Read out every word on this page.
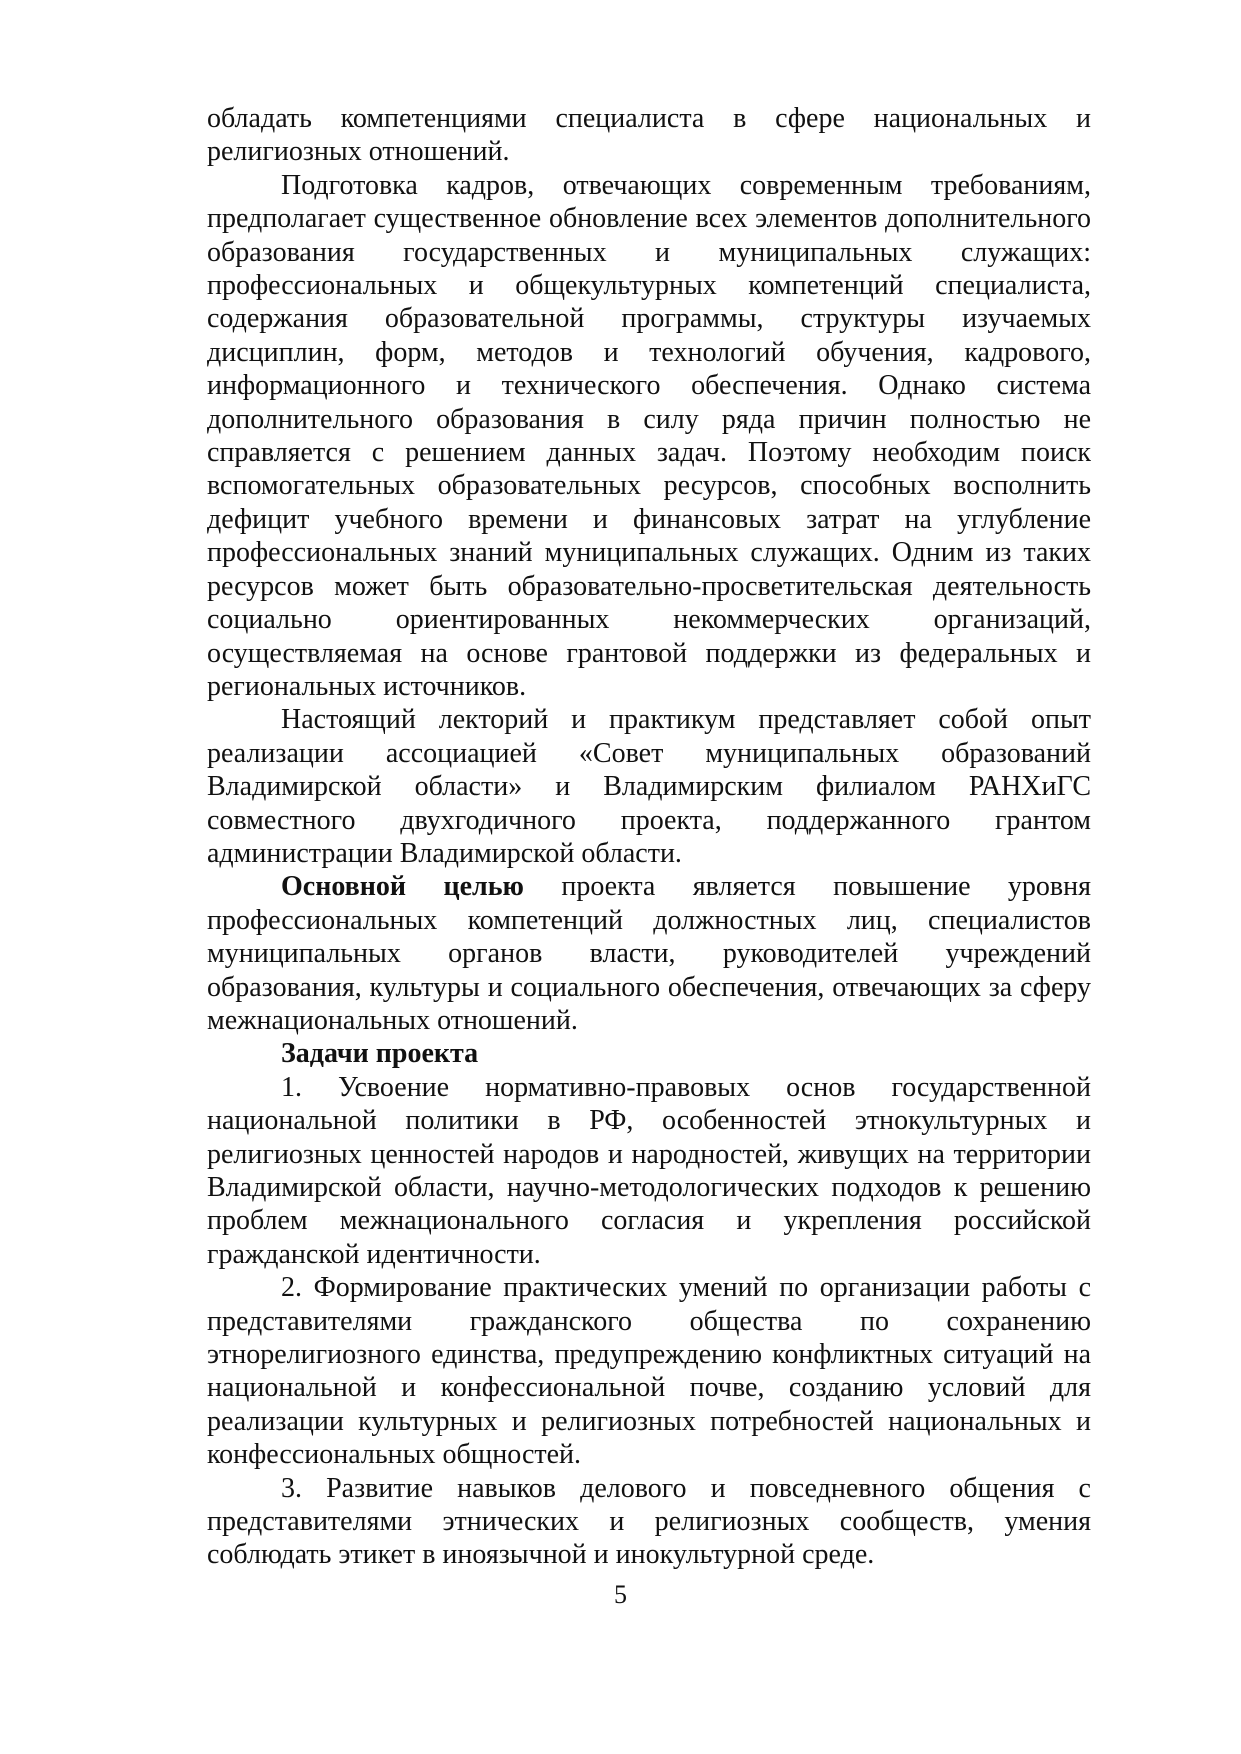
обладать компетенциями специалиста в сфере национальных и религиозных отношений.

Подготовка кадров, отвечающих современным требованиям, предполагает существенное обновление всех элементов дополнительного образования государственных и муниципальных служащих: профессиональных и общекультурных компетенций специалиста, содержания образовательной программы, структуры изучаемых дисциплин, форм, методов и технологий обучения, кадрового, информационного и технического обеспечения. Однако система дополнительного образования в силу ряда причин полностью не справляется с решением данных задач. Поэтому необходим поиск вспомогательных образовательных ресурсов, способных восполнить дефицит учебного времени и финансовых затрат на углубление профессиональных знаний муниципальных служащих. Одним из таких ресурсов может быть образовательно-просветительская деятельность социально ориентированных некоммерческих организаций, осуществляемая на основе грантовой поддержки из федеральных и региональных источников.

Настоящий лекторий и практикум представляет собой опыт реализации ассоциацией «Совет муниципальных образований Владимирской области» и Владимирским филиалом РАНХиГС совместного двухгодичного проекта, поддержанного грантом администрации Владимирской области.

Основной целью проекта является повышение уровня профессиональных компетенций должностных лиц, специалистов муниципальных органов власти, руководителей учреждений образования, культуры и социального обеспечения, отвечающих за сферу межнациональных отношений.

Задачи проекта

1. Усвоение нормативно-правовых основ государственной национальной политики в РФ, особенностей этнокультурных и религиозных ценностей народов и народностей, живущих на территории Владимирской области, научно-методологических подходов к решению проблем межнационального согласия и укрепления российской гражданской идентичности.

2. Формирование практических умений по организации работы с представителями гражданского общества по сохранению этнорелигиозного единства, предупреждению конфликтных ситуаций на национальной и конфессиональной почве, созданию условий для реализации культурных и религиозных потребностей национальных и конфессиональных общностей.

3. Развитие навыков делового и повседневного общения с представителями этнических и религиозных сообществ, умения соблюдать этикет в иноязычной и инокультурной среде.

5
